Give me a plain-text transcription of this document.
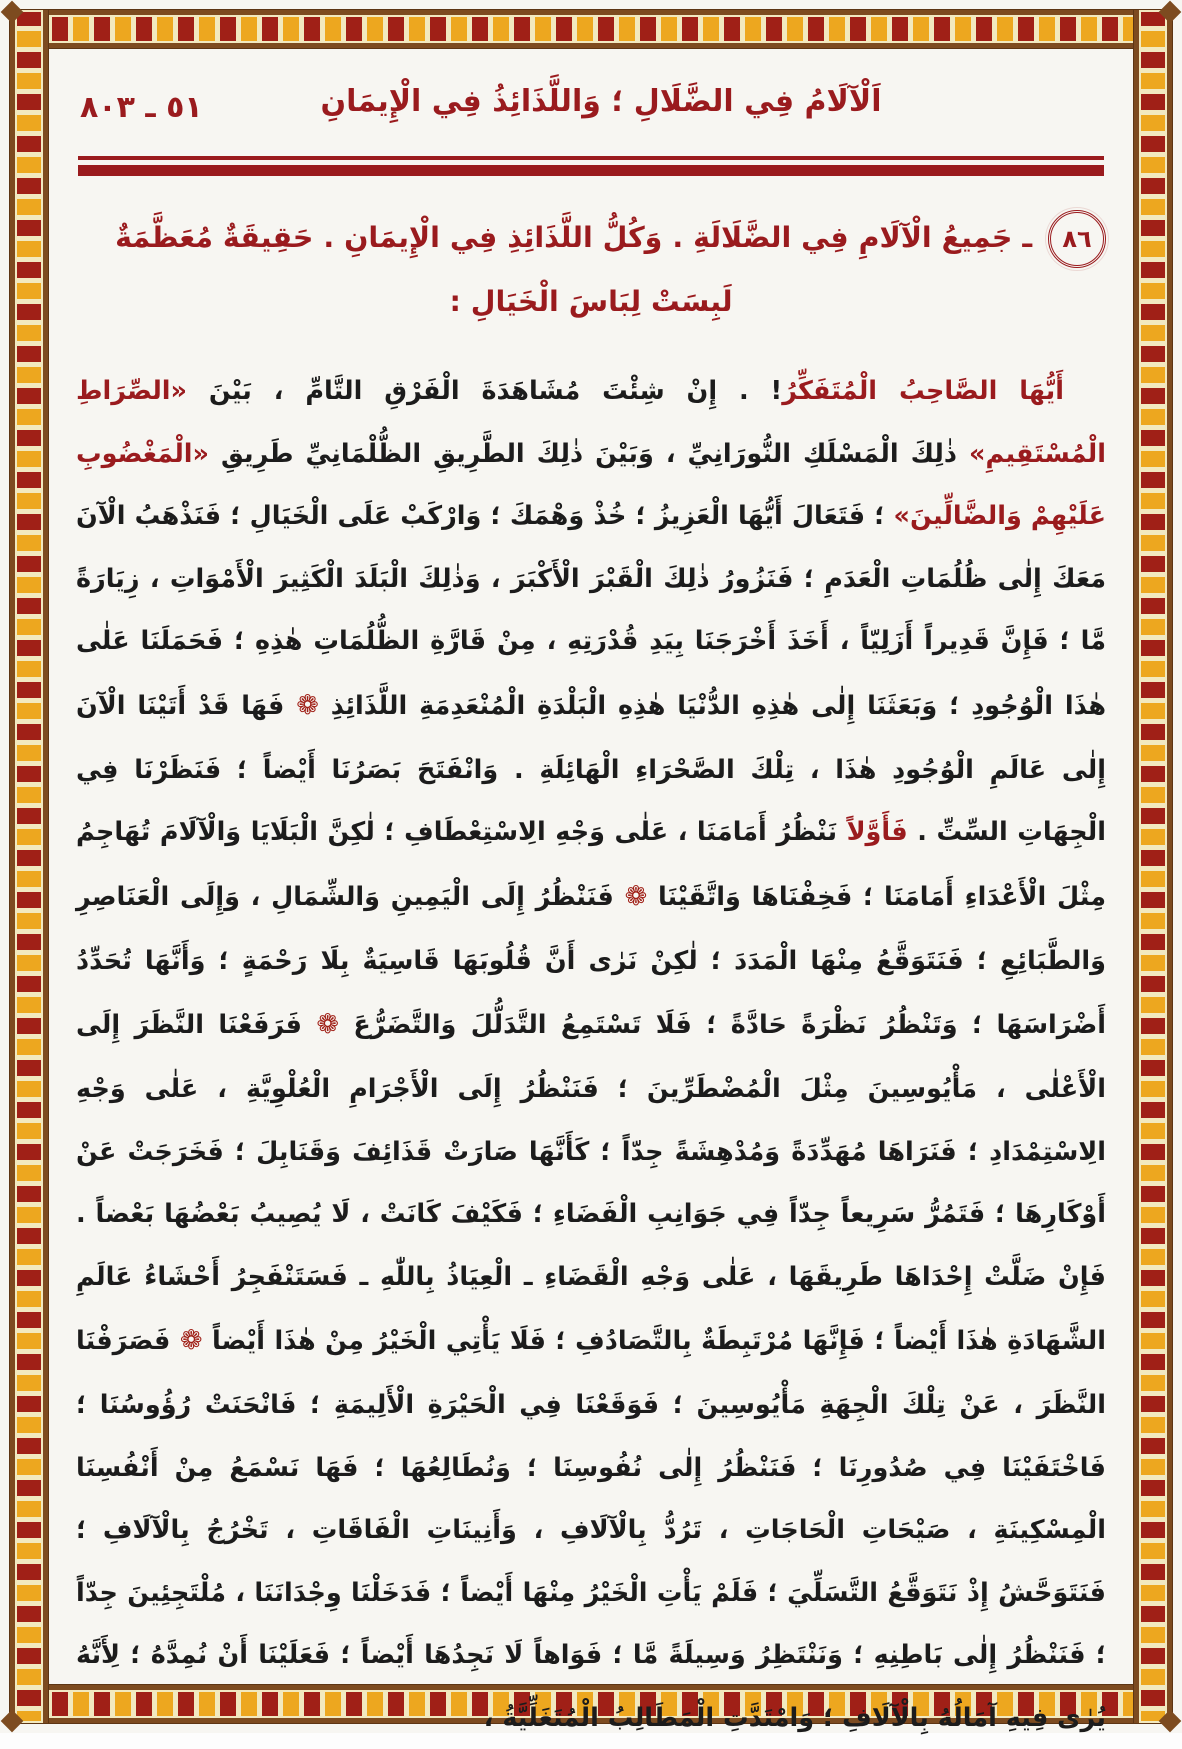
اَلْآلَامُ فِي الضَّلَالِ ؛ وَاللَّذَائِذُ فِي الْإِيمَانِ
٥١ ـ ٨٠٣
٨٦ ـ جَمِيعُ الْآلَامِ فِي الضَّلَالَةِ . وَكُلُّ اللَّذَائِذِ فِي الْإِيمَانِ . حَقِيقَةٌ مُعَظَّمَةٌ
لَبِسَتْ لِبَاسَ الْخَيَالِ :

أَيُّهَا الصَّاحِبُ الْمُتَفَكِّرُ! . إِنْ شِئْتَ مُشَاهَدَةَ الْفَرْقِ التَّامِّ ، بَيْنَ «الصِّرَاطِ الْمُسْتَقِيمِ» ذٰلِكَ الْمَسْلَكِ النُّورَانِيِّ ، وَبَيْنَ ذٰلِكَ الطَّرِيقِ الظُّلْمَانِيِّ طَرِيقِ «الْمَغْضُوبِ عَلَيْهِمْ وَالضَّالِّينَ» ؛ فَتَعَالَ أَيُّهَا الْعَزِيزُ ؛ خُذْ وَهْمَكَ ؛ وَارْكَبْ عَلَى الْخَيَالِ ؛ فَنَذْهَبُ الْآنَ مَعَكَ إِلٰى ظُلُمَاتِ الْعَدَمِ ؛ فَنَزُورُ ذٰلِكَ الْقَبْرَ الْأَكْبَرَ ، وَذٰلِكَ الْبَلَدَ الْكَثِيرَ الْأَمْوَاتِ ، زِيَارَةً مَّا ؛ فَإِنَّ قَدِيراً أَزَلِيّاً ، أَخَذَ أَخْرَجَنَا بِيَدِ قُدْرَتِهِ ، مِنْ قَارَّةِ الظُّلُمَاتِ هٰذِهِ ؛ فَحَمَلَنَا عَلٰى هٰذَا الْوُجُودِ ؛ وَبَعَثَنَا إِلٰى هٰذِهِ الدُّنْيَا هٰذِهِ الْبَلْدَةِ الْمُنْعَدِمَةِ اللَّذَائِذِ ❁ فَهَا قَدْ أَتَيْنَا الْآنَ إِلٰى عَالَمِ الْوُجُودِ هٰذَا ، تِلْكَ الصَّحْرَاءِ الْهَائِلَةِ . وَانْفَتَحَ بَصَرُنَا أَيْضاً ؛ فَنَظَرْنَا فِي الْجِهَاتِ السِّتِّ . فَأَوَّلاً نَنْظُرُ أَمَامَنَا ، عَلٰى وَجْهِ الِاسْتِعْطَافِ ؛ لٰكِنَّ الْبَلَايَا وَالْآلَامَ تُهَاجِمُ مِثْلَ الْأَعْدَاءِ أَمَامَنَا ؛ فَخِفْنَاهَا وَاتَّقَيْنَا ❁ فَنَنْظُرُ إِلَى الْيَمِينِ وَالشِّمَالِ ، وَإِلَى الْعَنَاصِرِ وَالطَّبَائِعِ ؛ فَنَتَوَقَّعُ مِنْهَا الْمَدَدَ ؛ لٰكِنْ نَرٰى أَنَّ قُلُوبَهَا قَاسِيَةٌ بِلَا رَحْمَةٍ ؛ وَأَنَّهَا تُحَدِّدُ أَضْرَاسَهَا ؛ وَتَنْظُرُ نَظْرَةً حَادَّةً ؛ فَلَا تَسْتَمِعُ التَّدَلُّلَ وَالتَّضَرُّعَ ❁ فَرَفَعْنَا النَّظَرَ إِلَى الْأَعْلٰى ، مَأْيُوسِينَ مِثْلَ الْمُضْطَرِّينَ ؛ فَنَنْظُرُ إِلَى الْأَجْرَامِ الْعُلْوِيَّةِ ، عَلٰى وَجْهِ الِاسْتِمْدَادِ ؛ فَنَرَاهَا مُهَدِّدَةً وَمُدْهِشَةً جِدّاً ؛ كَأَنَّهَا صَارَتْ قَذَائِفَ وَقَنَابِلَ ؛ فَخَرَجَتْ عَنْ أَوْكَارِهَا ؛ فَتَمُرُّ سَرِيعاً جِدّاً فِي جَوَانِبِ الْفَضَاءِ ؛ فَكَيْفَ كَانَتْ ، لَا يُصِيبُ بَعْضُهَا بَعْضاً . فَإِنْ ضَلَّتْ إِحْدَاهَا طَرِيقَهَا ، عَلٰى وَجْهِ الْقَضَاءِ ـ الْعِيَاذُ بِاللّٰهِ ـ فَسَتَنْفَجِرُ أَحْشَاءُ عَالَمِ الشَّهَادَةِ هٰذَا أَيْضاً ؛ فَإِنَّهَا مُرْتَبِطَةٌ بِالتَّصَادُفِ ؛ فَلَا يَأْتِي الْخَيْرُ مِنْ هٰذَا أَيْضاً ❁ فَصَرَفْنَا النَّظَرَ ، عَنْ تِلْكَ الْجِهَةِ مَأْيُوسِينَ ؛ فَوَقَعْنَا فِي الْحَيْرَةِ الْأَلِيمَةِ ؛ فَانْحَنَتْ رُؤُوسُنَا ؛ فَاخْتَفَيْنَا فِي صُدُورِنَا ؛ فَنَنْظُرُ إِلٰى نُفُوسِنَا ؛ وَنُطَالِعُهَا ؛ فَهَا نَسْمَعُ مِنْ أَنْفُسِنَا الْمِسْكِينَةِ ، صَيْحَاتِ الْحَاجَاتِ ، تَرُدُّ بِالْآلَافِ ، وَأَنِينَاتِ الْفَاقَاتِ ، تَخْرُجُ بِالْآلَافِ ؛ فَنَتَوَحَّشُ إِذْ نَتَوَقَّعُ التَّسَلِّيَ ؛ فَلَمْ يَأْتِ الْخَيْرُ مِنْهَا أَيْضاً ؛ فَدَخَلْنَا وِجْدَانَنَا ، مُلْتَجِئِينَ جِدّاً ؛ فَنَنْظُرُ إِلٰى بَاطِنِهِ ؛ وَنَنْتَظِرُ وَسِيلَةً مَّا ؛ فَوَاهاً لَا نَجِدُهَا أَيْضاً ؛ فَعَلَيْنَا أَنْ نُمِدَّهُ ؛ لِأَنَّهُ يُرٰى فِيهِ آمَالُهُ بِالْآلَافِ ؛ وَامْتَدَّتِ الْمَطَالِبُ الْمُتَغَلِّيَّةُ ،
